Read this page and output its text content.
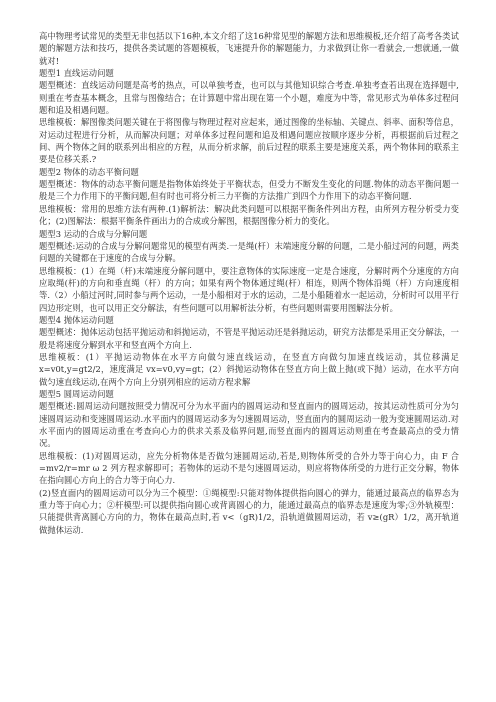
高中物理考试常见的类型无非包括以下16种,本文介绍了这16种常见型的解题方法和思维模板,还介绍了高考各类试题的解题方法和技巧，提供各类试题的答题模板，飞速提升你的解题能力，力求做到让你一看就会,一想就通,一做就对!

题型1 直线运动问题

题型概述：直线运动问题是高考的热点，可以单独考查，也可以与其他知识综合考查.单独考查若出现在选择题中,则重在考查基本概念，且常与图像结合；在计算题中常出现在第一个小题，难度为中等，常见形式为单体多过程问题和追及相遇问题。

思维模板：解图像类问题关键在于将图像与物理过程对应起来，通过图像的坐标轴、关键点、斜率、面积等信息，对运动过程进行分析，从而解决问题；对单体多过程问题和追及相遇问题应按顺序逐步分析，再根据前后过程之间、两个物体之间的联系列出相应的方程，从而分析求解，前后过程的联系主要是速度关系，两个物体间的联系主要是位移关系.?

题型2 物体的动态平衡问题

题型概述：物体的动态平衡问题是指物体始终处于平衡状态，但受力不断发生变化的问题.物体的动态平衡问题一般是三个力作用下的平衡问题,但有时也可将分析三力平衡的方法推广到四个力作用下的动态平衡问题.

思维模板：常用的思维方法有两种.(1)解析法：解决此类问题可以根据平衡条件列出方程，由所列方程分析受力变化；(2)图解法：根据平衡条件画出力的合成或分解图，根据图像分析力的变化。

题型3 运动的合成与分解问题

题型概述:运动的合成与分解问题常见的模型有两类.一是绳(杆）末端速度分解的问题，二是小船过河的问题，两类问题的关键都在于速度的合成与分解。

思维模板：(1）在绳（杆)末端速度分解问题中，要注意物体的实际速度一定是合速度，分解时两个分速度的方向应取绳(杆)的方向和垂直绳（杆）的方向；如果有两个物体通过绳(杆）相连，则两个物体沿绳（杆）方向速度相等.（2）小船过河时,同时参与两个运动，一是小船相对于水的运动，二是小船随着水一起运动，分析时可以用平行四边形定则，也可以用正交分解法，有些问题可以用解析法分析，有些问题则需要用图解法分析。

题型4 抛体运动问题

题型概述：抛体运动包括平抛运动和斜抛运动，不管是平抛运动还是斜抛运动，研究方法都是采用正交分解法，一般是将速度分解到水平和竖直两个方向上.

思维模板：(1）平抛运动物体在水平方向做匀速直线运动，在竖直方向做匀加速直线运动，其位移满足 x=v0t,y=gt2/2，速度满足 vx=v0,vy=gt；(2）斜抛运动物体在竖直方向上做上抛(或下抛）运动，在水平方向做匀速直线运动,在两个方向上分别列相应的运动方程求解

题型5 圆周运动问题

题型概述:圆周运动问题按照受力情况可分为水平面内的圆周运动和竖直面内的圆周运动，按其运动性质可分为匀速圆周运动和变速圆周运动.水平面内的圆周运动多为匀速圆周运动，竖直面内的圆周运动一般为变速圆周运动.对水平面内的圆周运动重在考查向心力的供求关系及临界问题,而竖直面内的圆周运动则重在考查最高点的受力情况。

思维模板：(1)对圆周运动，应先分析物体是否做匀速圆周运动,若是,则物体所受的合外力等于向心力，由 F 合=mv2/r=mr ω 2 列方程求解即可；若物体的运动不是匀速圆周运动，则应将物体所受的力进行正交分解，物体在指向圆心方向上的合力等于向心力.

(2)竖直面内的圆周运动可以分为三个模型：①绳模型:只能对物体提供指向圆心的弹力，能通过最高点的临界态为重力等于向心力；②杆模型:可以提供指向圆心或背离圆心的力，能通过最高点的临界态是速度为零;③外轨模型：只能提供背离圆心方向的力，物体在最高点时,若 v<（gR)1/2，沿轨道做圆周运动，若 v≥(gR）1/2，离开轨道做抛体运动.
